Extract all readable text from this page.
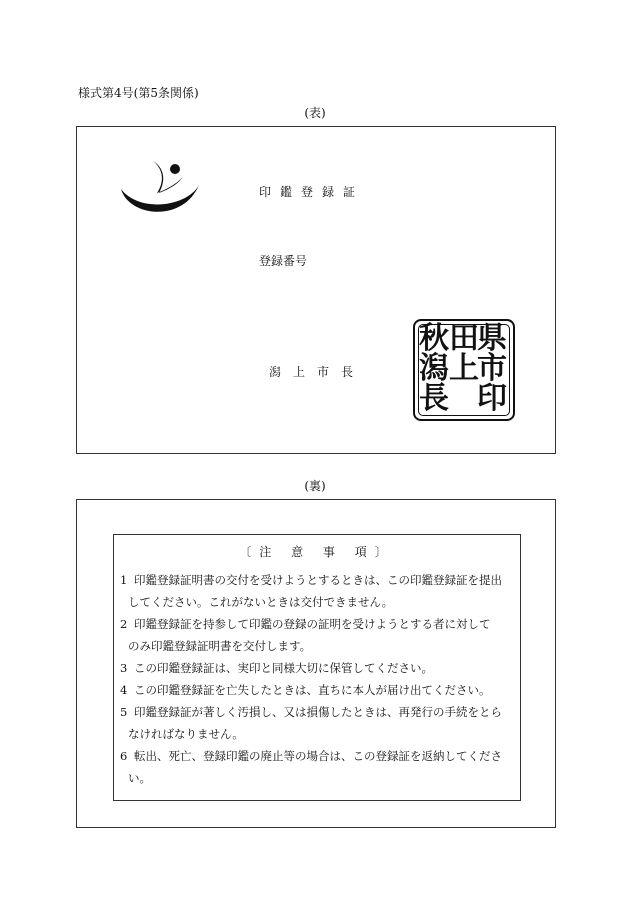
様式第4号(第5条関係)
(表)
印鑑登録証
登録番号
潟上市長
秋
潟
長
田
上
県
市
印
(裏)
〔注 意 事 項〕
1 印鑑登録証明書の交付を受けようとするときは、この印鑑登録証を提出
してください。これがないときは交付できません。
2 印鑑登録証を持参して印鑑の登録の証明を受けようとする者に対して
のみ印鑑登録証明書を交付します。
3 この印鑑登録証は、実印と同様大切に保管してください。
4 この印鑑登録証を亡失したときは、直ちに本人が届け出てください。
5 印鑑登録証が著しく汚損し、又は損傷したときは、再発行の手続をとら
なければなりません。
6 転出、死亡、登録印鑑の廃止等の場合は、この登録証を返納してくださ
い。
